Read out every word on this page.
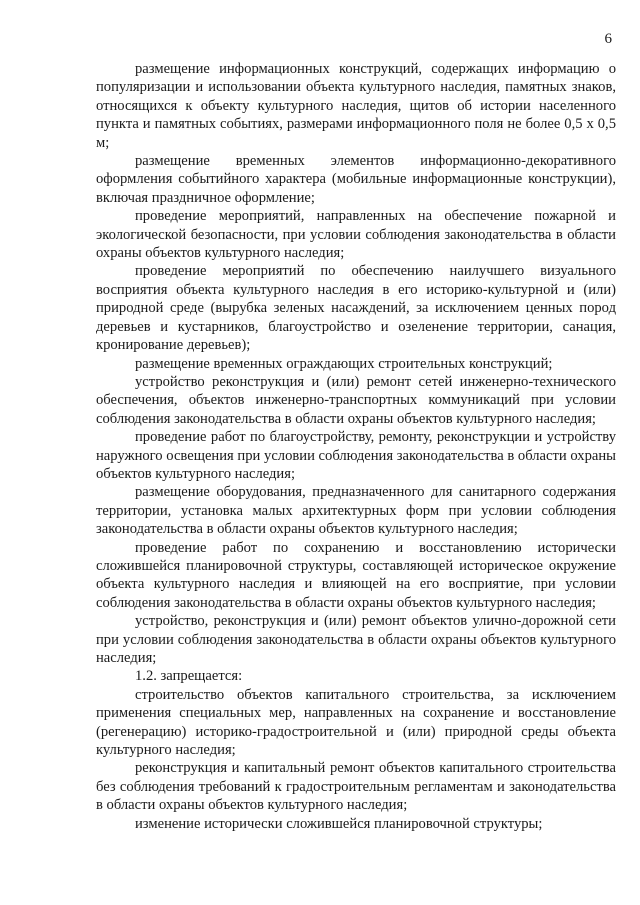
6

размещение информационных конструкций, содержащих информацию о популяризации и использовании объекта культурного наследия, памятных знаков, относящихся к объекту культурного наследия, щитов об истории населенного пункта и памятных событиях, размерами информационного поля не более 0,5 х 0,5 м;

размещение временных элементов информационно-декоративного оформления событийного характера (мобильные информационные конструкции), включая праздничное оформление;

проведение мероприятий, направленных на обеспечение пожарной и экологической безопасности, при условии соблюдения законодательства в области охраны объектов культурного наследия;

проведение мероприятий по обеспечению наилучшего визуального восприятия объекта культурного наследия в его историко-культурной и (или) природной среде (вырубка зеленых насаждений, за исключением ценных пород деревьев и кустарников, благоустройство и озеленение территории, санация, кронирование деревьев);

размещение временных ограждающих строительных конструкций;

устройство реконструкция и (или) ремонт сетей инженерно-технического обеспечения, объектов инженерно-транспортных коммуникаций при условии соблюдения законодательства в области охраны объектов культурного наследия;

проведение работ по благоустройству, ремонту, реконструкции и устройству наружного освещения при условии соблюдения законодательства в области охраны объектов культурного наследия;

размещение оборудования, предназначенного для санитарного содержания территории, установка малых архитектурных форм при условии соблюдения законодательства в области охраны объектов культурного наследия;

проведение работ по сохранению и восстановлению исторически сложившейся планировочной структуры, составляющей историческое окружение объекта культурного наследия и влияющей на его восприятие, при условии соблюдения законодательства в области охраны объектов культурного наследия;

устройство, реконструкция и (или) ремонт объектов улично-дорожной сети при условии соблюдения законодательства в области охраны объектов культурного наследия;

1.2. запрещается:

строительство объектов капитального строительства, за исключением применения специальных мер, направленных на сохранение и восстановление (регенерацию) историко-градостроительной и (или) природной среды объекта культурного наследия;

реконструкция и капитальный ремонт объектов капитального строительства без соблюдения требований к градостроительным регламентам и законодательства в области охраны объектов культурного наследия;

изменение исторически сложившейся планировочной структуры;
